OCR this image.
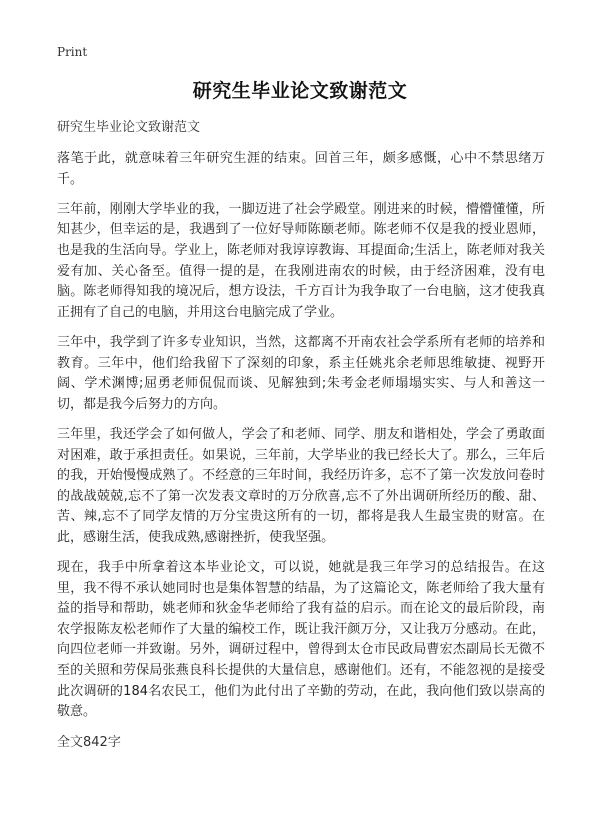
Print
研究生毕业论文致谢范文

研究生毕业论文致谢范文

落笔于此，就意味着三年研究生涯的结束。回首三年，颇多感慨，心中不禁思绪万千。

三年前，刚刚大学毕业的我，一脚迈进了社会学殿堂。刚进来的时候，懵懵懂懂，所知甚少，但幸运的是，我遇到了一位好导师陈颐老师。陈老师不仅是我的授业恩师，也是我的生活向导。学业上，陈老师对我谆谆教诲、耳提面命;生活上，陈老师对我关爱有加、关心备至。值得一提的是，在我刚进南农的时候，由于经济困难，没有电脑。陈老师得知我的境况后，想方设法，千方百计为我争取了一台电脑，这才使我真正拥有了自己的电脑，并用这台电脑完成了学业。

三年中，我学到了许多专业知识，当然，这都离不开南农社会学系所有老师的培养和教育。三年中，他们给我留下了深刻的印象，系主任姚兆余老师思维敏捷、视野开阔、学术渊博;屈勇老师侃侃而谈、见解独到;朱考金老师塌塌实实、与人和善这一切，都是我今后努力的方向。

三年里，我还学会了如何做人，学会了和老师、同学、朋友和谐相处，学会了勇敢面对困难，敢于承担责任。如果说，三年前，大学毕业的我已经长大了。那么，三年后的我，开始慢慢成熟了。不经意的三年时间，我经历许多，忘不了第一次发放问卷时的战战兢兢,忘不了第一次发表文章时的万分欣喜,忘不了外出调研所经历的酸、甜、苦、辣,忘不了同学友情的万分宝贵这所有的一切，都将是我人生最宝贵的财富。在此，感谢生活，使我成熟,感谢挫折，使我坚强。

现在，我手中所拿着这本毕业论文，可以说，她就是我三年学习的总结报告。在这里，我不得不承认她同时也是集体智慧的结晶，为了这篇论文，陈老师给了我大量有益的指导和帮助，姚老师和狄金华老师给了我有益的启示。而在论文的最后阶段，南农学报陈友松老师作了大量的编校工作，既让我汗颜万分，又让我万分感动。在此，向四位老师一并致谢。另外，调研过程中，曾得到太仓市民政局曹宏杰副局长无微不至的关照和劳保局张燕良科长提供的大量信息，感谢他们。还有，不能忽视的是接受此次调研的184名农民工，他们为此付出了辛勤的劳动，在此，我向他们致以崇高的敬意。

全文842字
